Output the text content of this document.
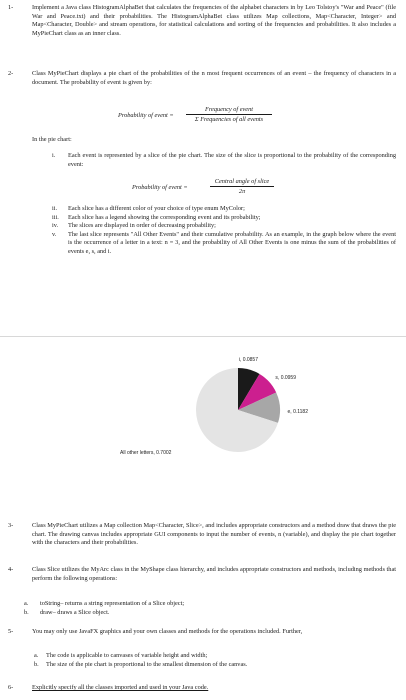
1-	Implement a Java class HistogramAlphaBet that calculates the frequencies of the alphabet characters in by Leo Tolstoy's "War and Peace" (file War and Peace.txt) and their probabilities. The HistogramAlphaBet class utilizes Map collections, Map<Character, Integer> and Map<Character, Double> and stream operations, for statistical calculations and sorting of the frequencies and probabilities. It also includes a MyPieChart class as an inner class.
2-	Class MyPieChart displays a pie chart of the probabilities of the n most frequent occurrences of an event – the frequency of characters in a document. The probability of event is given by:
Probability of event =
Frequency of event
Σ Frequencies of all events
In the pie chart:
i. Each event is represented by a slice of the pie chart. The size of the slice is proportional to the probability of the corresponding event:
Probability of event =
Central angle of slice
2π
ii. Each slice has a different color of your choice of type enum MyColor;
iii. Each slice has a legend showing the corresponding event and its probability;
iv. The slices are displayed in order of decreasing probability;
v. The last slice represents "All Other Events" and their cumulative probability. As an example, in the graph below where the event is the occurrence of a letter in a text: n = 3, and the probability of All Other Events is one minus the sum of the probabilities of events e, s, and i.
i, 0.0857
s, 0.0959
e, 0.1182
All other letters, 0.7002
3-	Class MyPieChart utilizes a Map collection Map<Character, Slice>, and includes appropriate constructors and a method draw that draws the pie chart. The drawing canvas includes appropriate GUI components to input the number of events, n (variable), and display the pie chart together with the characters and their probabilities.
4-	Class Slice utilizes the MyArc class in the MyShape class hierarchy, and includes appropriate constructors and methods, including methods that perform the following operations:
a. toString– returns a string representation of a Slice object;
b. draw– draws a Slice object.
5-	You may only use JavaFX graphics and your own classes and methods for the operations included. Further,
a. The code is applicable to canvases of variable height and width;
b. The size of the pie chart is proportional to the smallest dimension of the canvas.
6-	Explicitly specify all the classes imported and used in your Java code.
